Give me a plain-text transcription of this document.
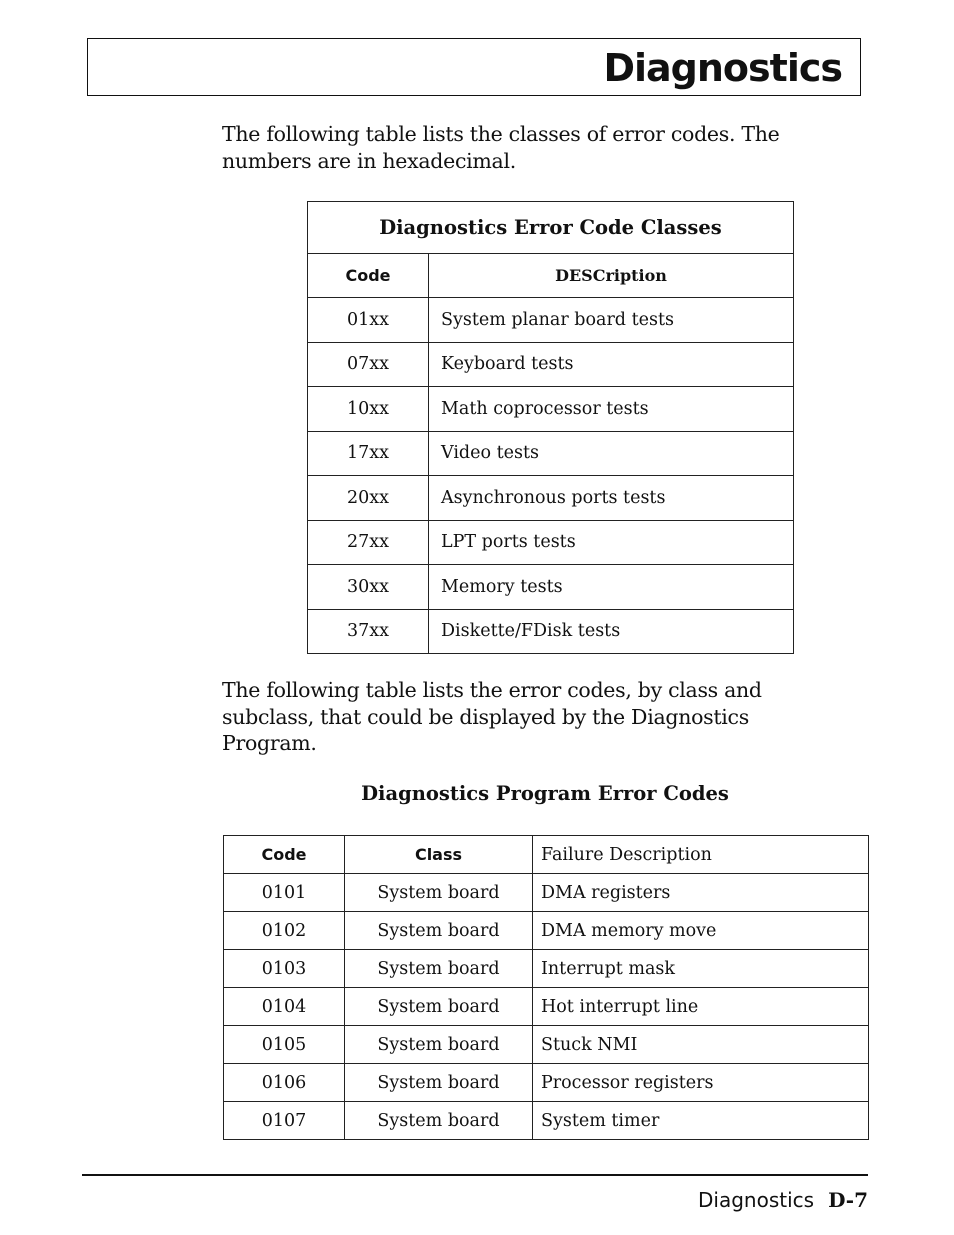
Diagnostics
The following table lists the classes of error codes. The numbers are in hexadecimal.
Diagnostics Error Code Classes	
Code	DESCription
01xx	System planar board tests
07xx	Keyboard tests
10xx	Math coprocessor tests
17xx	Video tests
20xx	Asynchronous ports tests
27xx	LPT ports tests
30xx	Memory tests
37xx	Diskette/FDisk tests
The following table lists the error codes, by class and subclass, that could be displayed by the Diagnostics Program.
Diagnostics Program Error Codes
Code	Class	Failure Description
0101	System board	DMA registers
0102	System board	DMA memory move
0103	System board	Interrupt mask
0104	System board	Hot interrupt line
0105	System board	Stuck NMI
0106	System board	Processor registers
0107	System board	System timer
Diagnostics D-7
